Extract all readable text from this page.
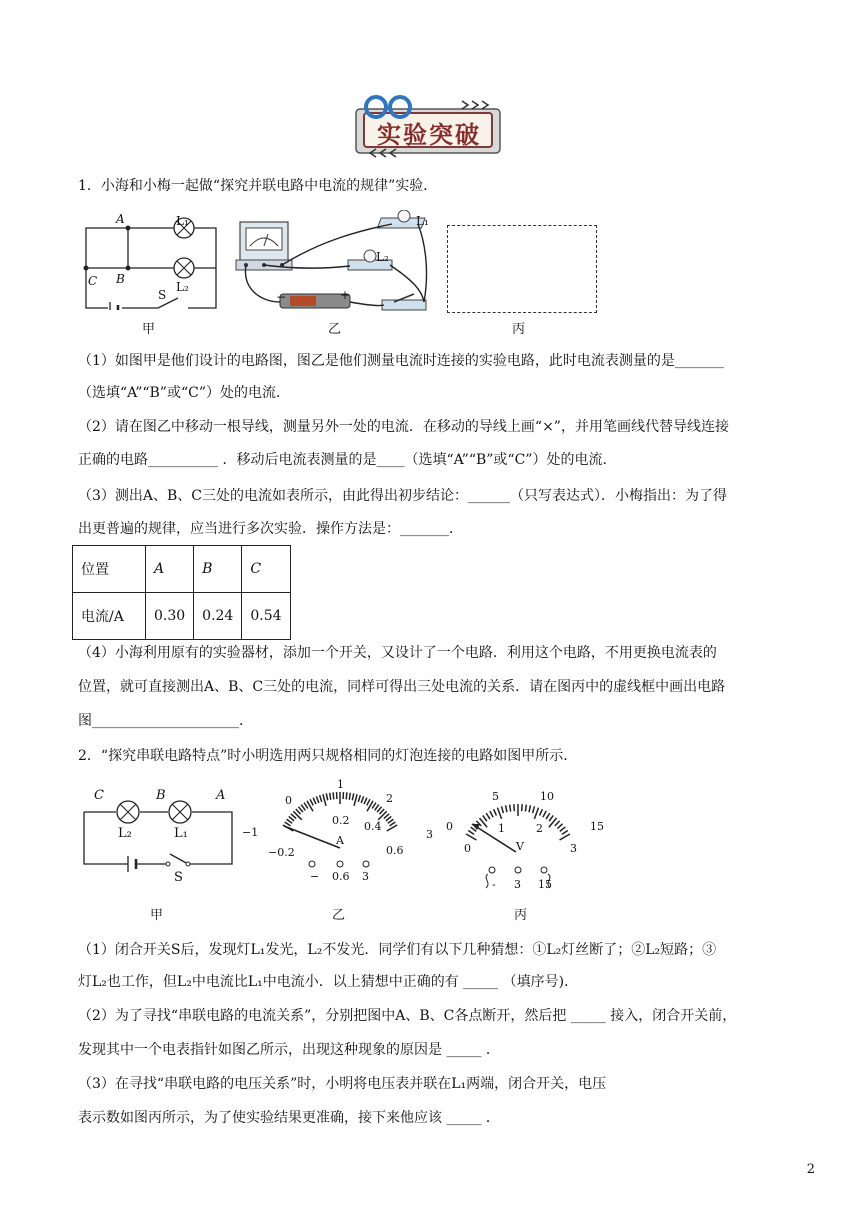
实验突破
1．小海和小梅一起做“探究并联电路中电流的规律”实验．
A	L₁
B
L₂
C
S
甲
L₁
L₂
−	+
乙	丙
（1）如图甲是他们设计的电路图，图乙是他们测量电流时连接的实验电路，此时电流表测量的是_______
（选填“A”“B”或“C”）处的电流．
（2）请在图乙中移动一根导线，测量另外一处的电流．在移动的导线上画“×”，并用笔画线代替导线连接
正确的电路__________ ．移动后电流表测量的是____（选填“A”“B”或“C”）处的电流．
（3）测出A、B、C三处的电流如表所示，由此得出初步结论：______（只写表达式）．小梅指出：为了得
出更普遍的规律，应当进行多次实验．操作方法是：_______．
位置	A	B	C
电流/A	0.30	0.24	0.54
（4）小海利用原有的实验器材，添加一个开关，又设计了一个电路．利用这个电路，不用更换电流表的
位置，就可直接测出A、B、C三处的电流，同样可得出三处电流的关系．请在图丙中的虚线框中画出电路
图_____________________．
2．“探究串联电路特点”时小明选用两只规格相同的灯泡连接的电路如图甲所示．
C	B	A
L₂	L₁
S
甲
0
1
2
3
0.2 0.4
0.6
−1
−0.2
A
− 0.6 3
乙
0
5	10
15
0
1	2
3
V
- 3 15
丙
（1）闭合开关S后，发现灯L₁发光，L₂不发光．同学们有以下几种猜想：①L₂灯丝断了；②L₂短路；③
灯L₂也工作，但L₂中电流比L₁中电流小．以上猜想中正确的有 _____ （填序号)．
（2）为了寻找“串联电路的电流关系”，分别把图中A、B、C各点断开，然后把 _____ 接入，闭合开关前，
发现其中一个电表指针如图乙所示，出现这种现象的原因是 _____ ．
（3）在寻找“串联电路的电压关系”时，小明将电压表并联在L₁两端，闭合开关，电压
表示数如图丙所示，为了使实验结果更准确，接下来他应该 _____ ．
2
